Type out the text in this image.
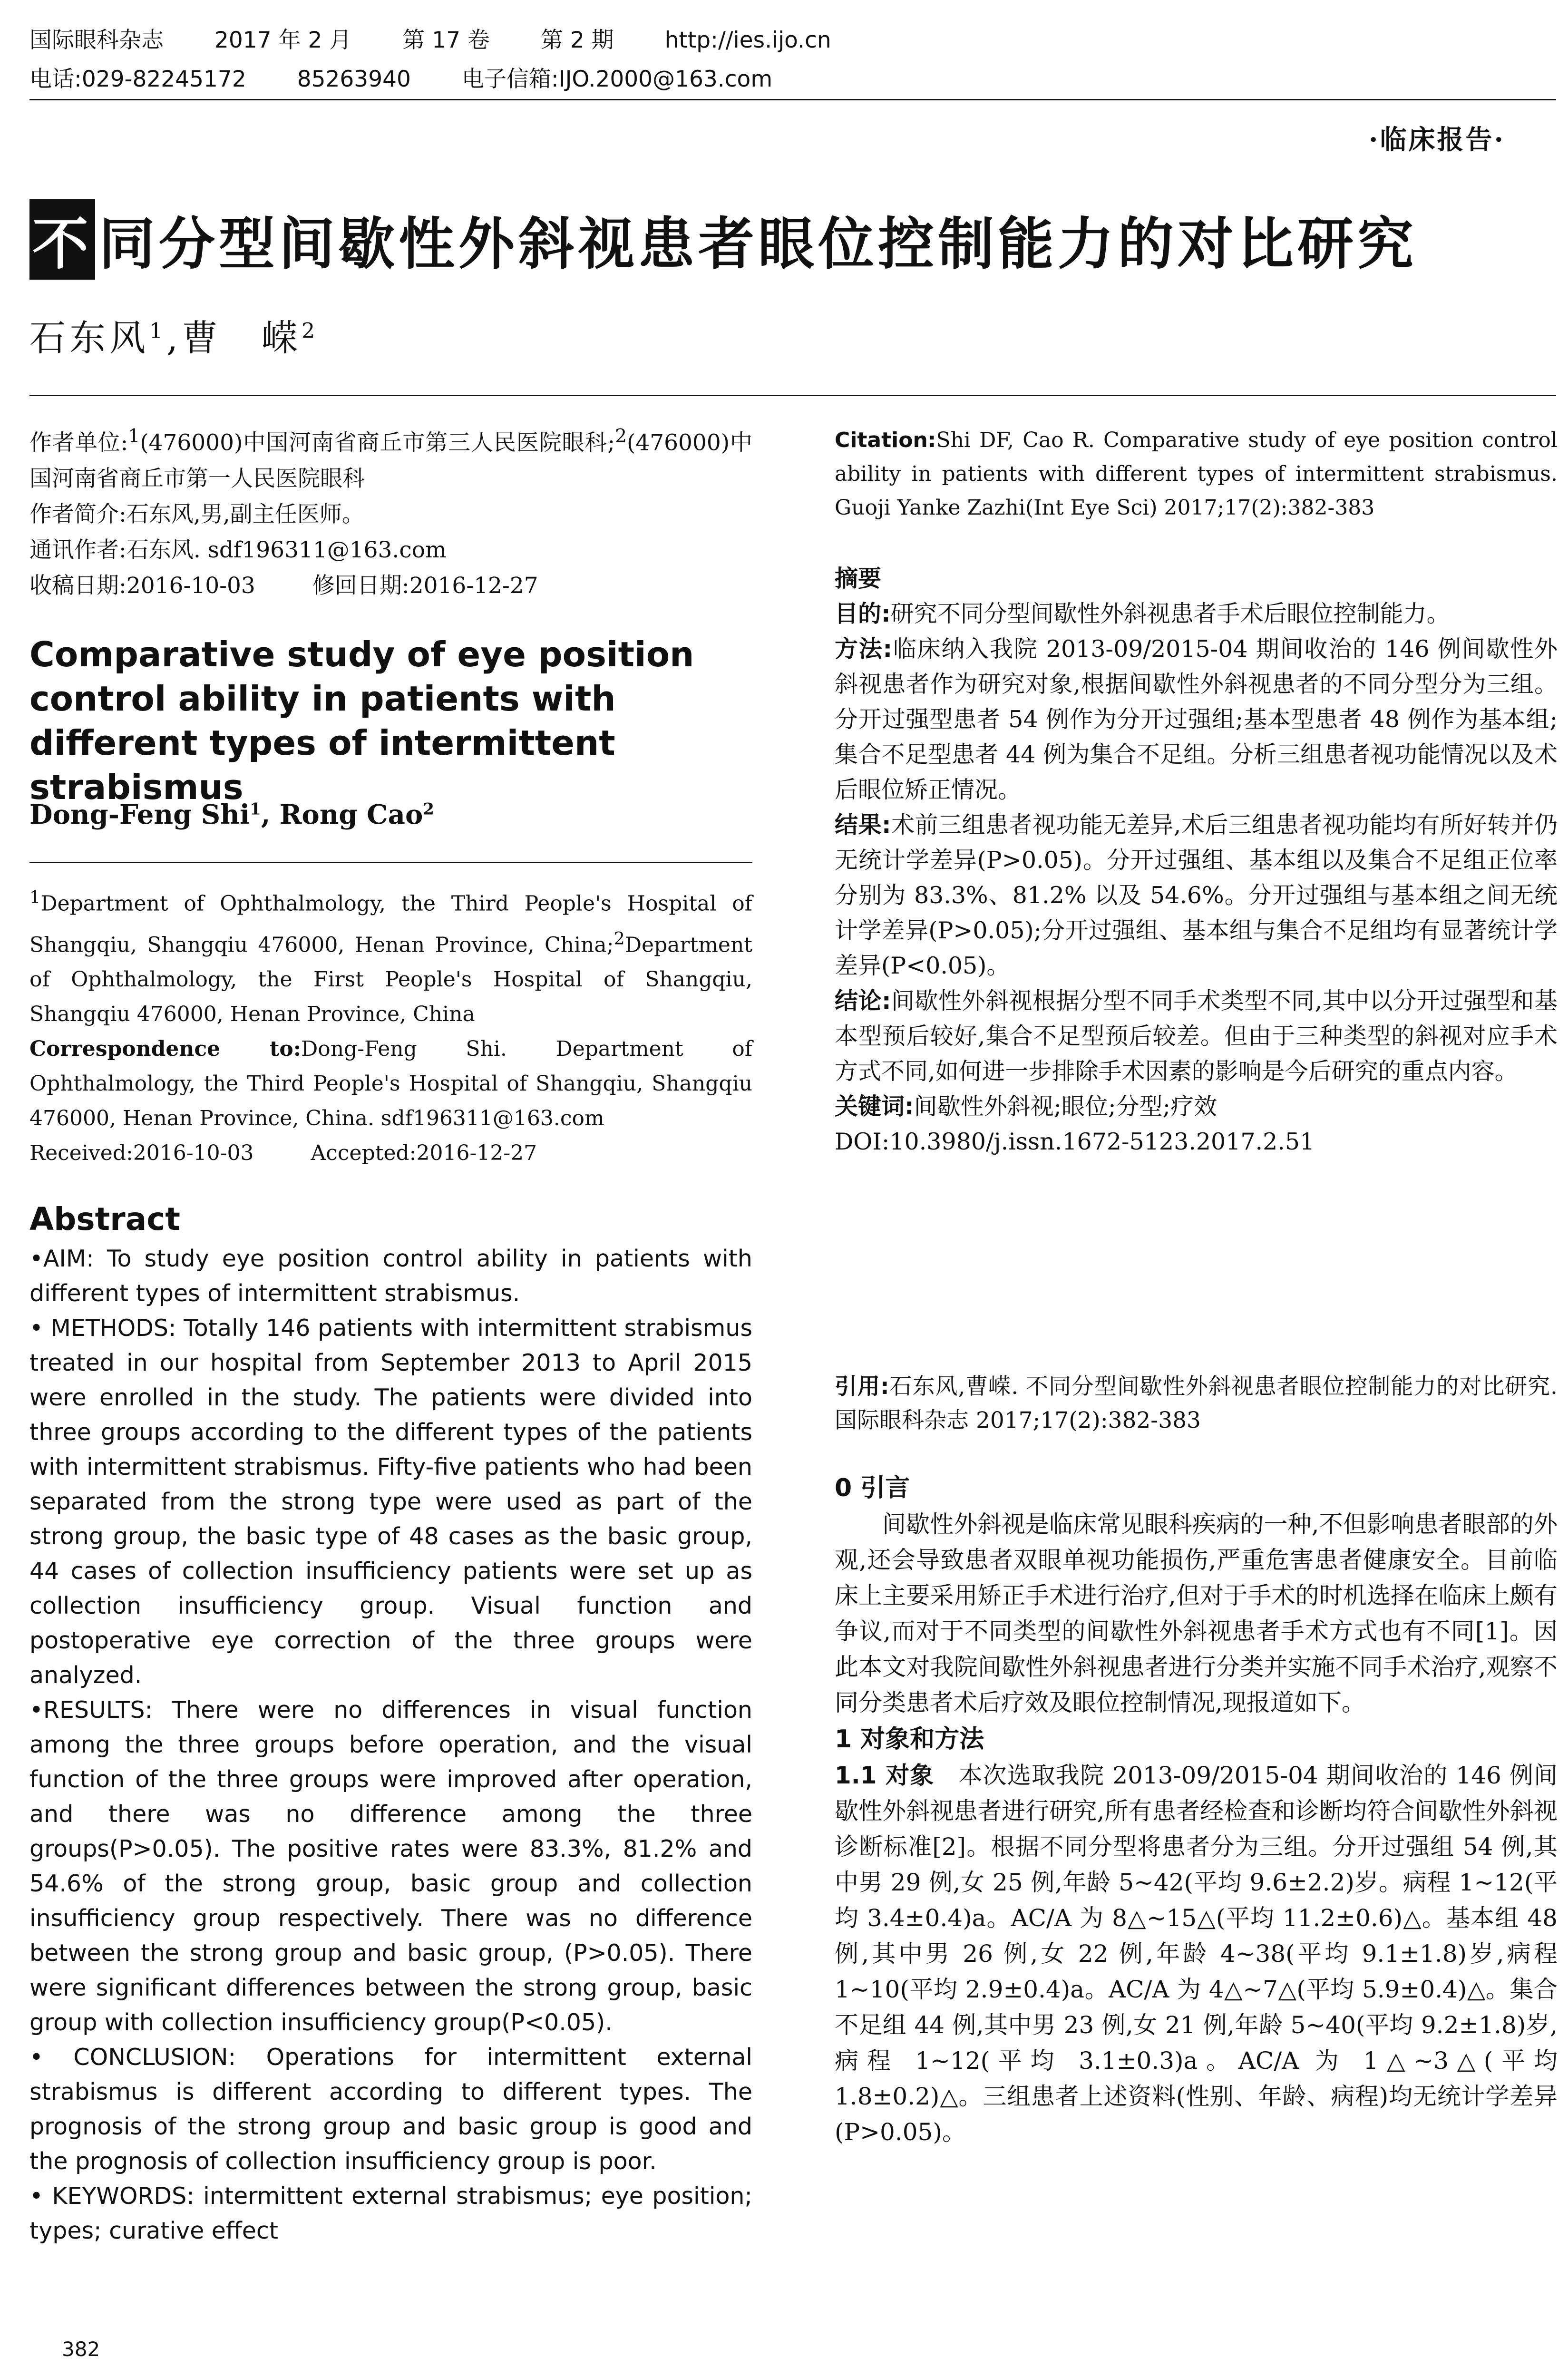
国际眼科杂志 2017 年 2 月 第 17 卷 第 2 期 http://ies.ijo.cn
电话:029-82245172 85263940 电子信箱:IJO.2000@163.com
·临床报告·
不 同分型间歇性外斜视患者眼位控制能力的对比研究
石东风$^1$,曹　嵘$^2$

作者单位:$^1$(476000)中国河南省商丘市第三人民医院眼科;$^2$(476000)中国河南省商丘市第一人民医院眼科

作者简介:石东风,男,副主任医师。

通讯作者:石东风. sdf196311@163.com

收稿日期:2016-10-03	修回日期:2016-12-27

Comparative study of eye position control ability in patients with different types of intermittent strabismus
Dong-Feng Shi$^1$, Rong Cao$^2$

$^1$Department of Ophthalmology, the Third People's Hospital of Shangqiu, Shangqiu 476000, Henan Province, China;$^2$Department of Ophthalmology, the First People's Hospital of Shangqiu, Shangqiu 476000, Henan Province, China

Correspondence to:Dong-Feng Shi. Department of Ophthalmology, the Third People's Hospital of Shangqiu, Shangqiu 476000, Henan Province, China. sdf196311@163.com

Received:2016-10-03	Accepted:2016-12-27

Abstract

•AIM: To study eye position control ability in patients with different types of intermittent strabismus.

• METHODS: Totally 146 patients with intermittent strabismus treated in our hospital from September 2013 to April 2015 were enrolled in the study. The patients were divided into three groups according to the different types of the patients with intermittent strabismus. Fifty-five patients who had been separated from the strong type were used as part of the strong group, the basic type of 48 cases as the basic group, 44 cases of collection insufficiency patients were set up as collection insufficiency group. Visual function and postoperative eye correction of the three groups were analyzed.

•RESULTS: There were no differences in visual function among the three groups before operation, and the visual function of the three groups were improved after operation, and there was no difference among the three groups(P>0.05). The positive rates were 83.3%, 81.2% and 54.6% of the strong group, basic group and collection insufficiency group respectively. There was no difference between the strong group and basic group, (P>0.05). There were significant differences between the strong group, basic group with collection insufficiency group(P<0.05).

• CONCLUSION: Operations for intermittent external strabismus is different according to different types. The prognosis of the strong group and basic group is good and the prognosis of collection insufficiency group is poor.

• KEYWORDS: intermittent external strabismus; eye position; types; curative effect

Citation:Shi DF, Cao R. Comparative study of eye position control ability in patients with different types of intermittent strabismus. Guoji Yanke Zazhi(Int Eye Sci) 2017;17(2):382-383

摘要

目的:研究不同分型间歇性外斜视患者手术后眼位控制能力。

方法:临床纳入我院 2013-09/2015-04 期间收治的 146 例间歇性外斜视患者作为研究对象,根据间歇性外斜视患者的不同分型分为三组。分开过强型患者 54 例作为分开过强组;基本型患者 48 例作为基本组;集合不足型患者 44 例为集合不足组。分析三组患者视功能情况以及术后眼位矫正情况。

结果:术前三组患者视功能无差异,术后三组患者视功能均有所好转并仍无统计学差异(P>0.05)。分开过强组、基本组以及集合不足组正位率分别为 83.3%、81.2% 以及 54.6%。分开过强组与基本组之间无统计学差异(P>0.05);分开过强组、基本组与集合不足组均有显著统计学差异(P<0.05)。

结论:间歇性外斜视根据分型不同手术类型不同,其中以分开过强型和基本型预后较好,集合不足型预后较差。但由于三种类型的斜视对应手术方式不同,如何进一步排除手术因素的影响是今后研究的重点内容。

关键词:间歇性外斜视;眼位;分型;疗效

DOI:10.3980/j.issn.1672-5123.2017.2.51

引用:石东风,曹嵘. 不同分型间歇性外斜视患者眼位控制能力的对比研究. 国际眼科杂志 2017;17(2):382-383

0 引言

间歇性外斜视是临床常见眼科疾病的一种,不但影响患者眼部的外观,还会导致患者双眼单视功能损伤,严重危害患者健康安全。目前临床上主要采用矫正手术进行治疗,但对于手术的时机选择在临床上颇有争议,而对于不同类型的间歇性外斜视患者手术方式也有不同[1]。因此本文对我院间歇性外斜视患者进行分类并实施不同手术治疗,观察不同分类患者术后疗效及眼位控制情况,现报道如下。

1 对象和方法

1.1 对象 本次选取我院 2013-09/2015-04 期间收治的 146 例间歇性外斜视患者进行研究,所有患者经检查和诊断均符合间歇性外斜视诊断标准[2]。根据不同分型将患者分为三组。分开过强组 54 例,其中男 29 例,女 25 例,年龄 5~42(平均 9.6±2.2)岁。病程 1~12(平均 3.4±0.4)a。AC/A 为 8△~15△(平均 11.2±0.6)△。基本组 48 例,其中男 26 例,女 22 例,年龄 4~38(平均 9.1±1.8)岁,病程 1~10(平均 2.9±0.4)a。AC/A 为 4△~7△(平均 5.9±0.4)△。集合不足组 44 例,其中男 23 例,女 21 例,年龄 5~40(平均 9.2±1.8)岁,病程 1~12(平均 3.1±0.3)a。AC/A 为 1△~3△(平均 1.8±0.2)△。三组患者上述资料(性别、年龄、病程)均无统计学差异(P>0.05)。

382
